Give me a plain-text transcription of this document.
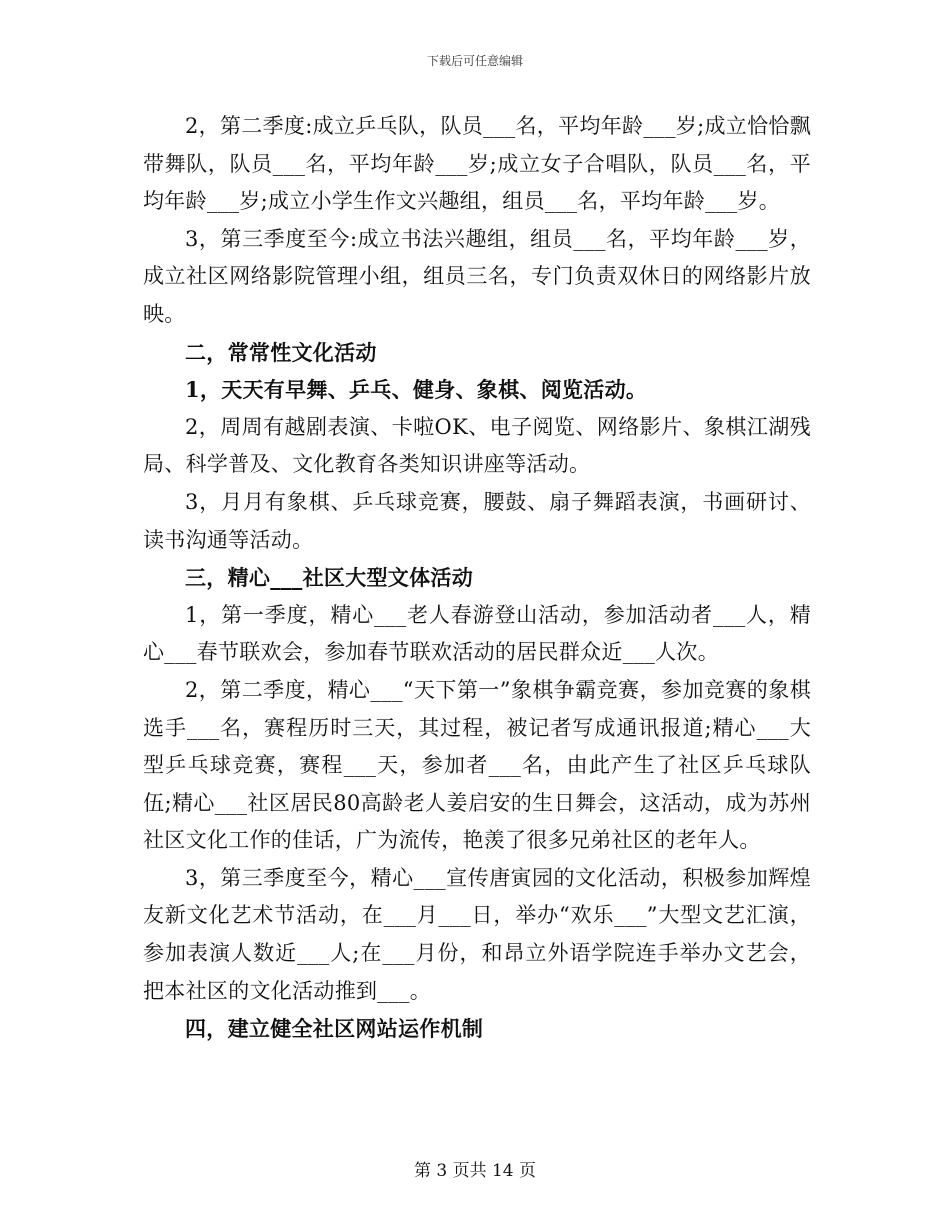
下载后可任意编辑

2，第二季度:成立乒乓队，队员___名，平均年龄___岁;成立恰恰飘带舞队，队员___名，平均年龄___岁;成立女子合唱队，队员___名，平均年龄___岁;成立小学生作文兴趣组，组员___名，平均年龄___岁。

3，第三季度至今:成立书法兴趣组，组员___名，平均年龄___岁，成立社区网络影院管理小组，组员三名，专门负责双休日的网络影片放映。

二，常常性文化活动

1，天天有早舞、乒乓、健身、象棋、阅览活动。

2，周周有越剧表演、卡啦OK、电子阅览、网络影片、象棋江湖残局、科学普及、文化教育各类知识讲座等活动。

3，月月有象棋、乒乓球竞赛，腰鼓、扇子舞蹈表演，书画研讨、读书沟通等活动。

三，精心___社区大型文体活动

1，第一季度，精心___老人春游登山活动，参加活动者___人，精心___春节联欢会，参加春节联欢活动的居民群众近___人次。

2，第二季度，精心___“天下第一”象棋争霸竞赛，参加竞赛的象棋选手___名，赛程历时三天，其过程，被记者写成通讯报道;精心___大型乒乓球竞赛，赛程___天，参加者___名，由此产生了社区乒乓球队伍;精心___社区居民80高龄老人姜启安的生日舞会，这活动，成为苏州社区文化工作的佳话，广为流传，艳羡了很多兄弟社区的老年人。

3，第三季度至今，精心___宣传唐寅园的文化活动，积极参加辉煌友新文化艺术节活动，在___月___日，举办“欢乐___”大型文艺汇演，参加表演人数近___人;在___月份，和昂立外语学院连手举办文艺会，把本社区的文化活动推到___。

四，建立健全社区网站运作机制

第 3 页共 14 页
